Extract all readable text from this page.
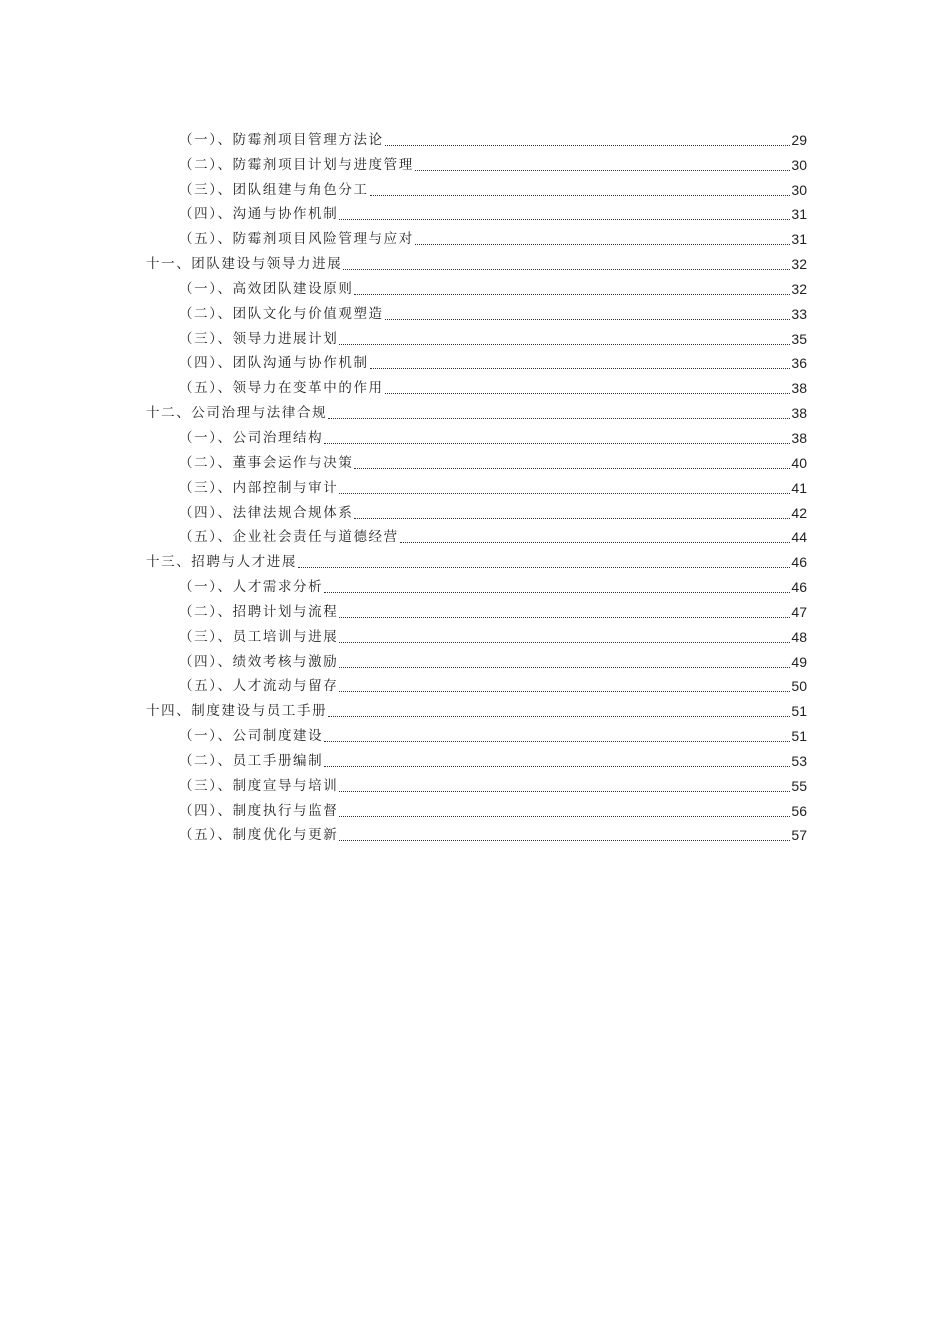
（一）、防霉剂项目管理方法论	29
（二）、防霉剂项目计划与进度管理	30
（三）、团队组建与角色分工	30
（四）、沟通与协作机制	31
（五）、防霉剂项目风险管理与应对	31
十一、团队建设与领导力进展	32
（一）、高效团队建设原则	32
（二）、团队文化与价值观塑造	33
（三）、领导力进展计划	35
（四）、团队沟通与协作机制	36
（五）、领导力在变革中的作用	38
十二、公司治理与法律合规	38
（一）、公司治理结构	38
（二）、董事会运作与决策	40
（三）、内部控制与审计	41
（四）、法律法规合规体系	42
（五）、企业社会责任与道德经营	44
十三、招聘与人才进展	46
（一）、人才需求分析	46
（二）、招聘计划与流程	47
（三）、员工培训与进展	48
（四）、绩效考核与激励	49
（五）、人才流动与留存	50
十四、制度建设与员工手册	51
（一）、公司制度建设	51
（二）、员工手册编制	53
（三）、制度宣导与培训	55
（四）、制度执行与监督	56
（五）、制度优化与更新	57
